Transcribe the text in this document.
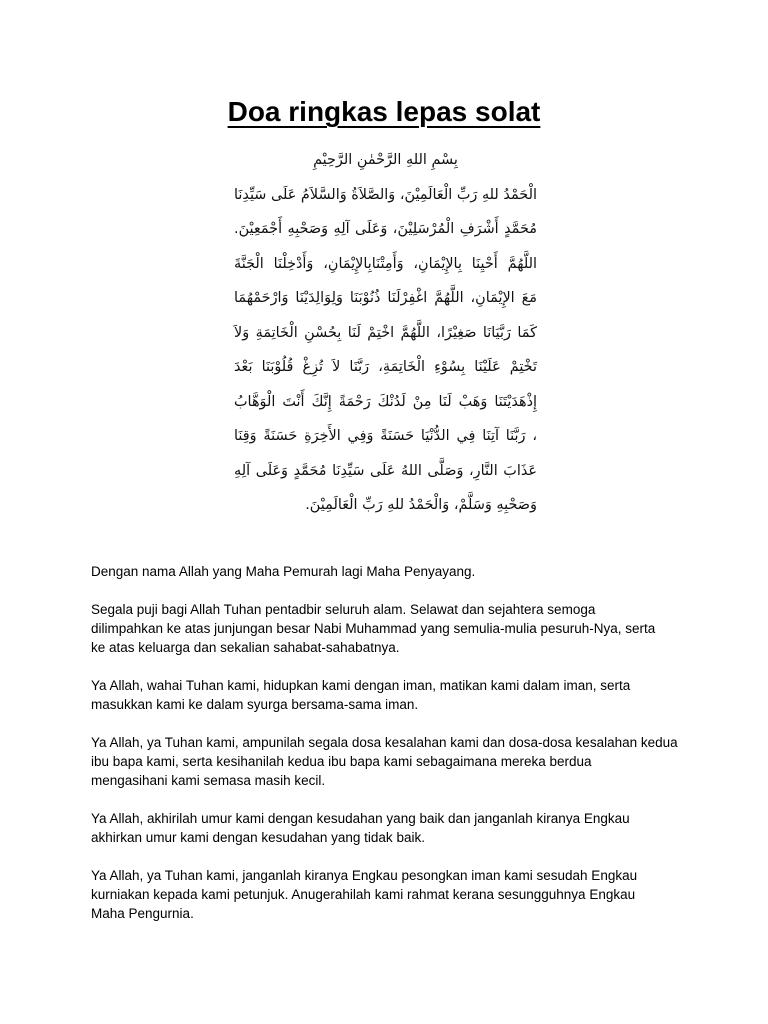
Doa ringkas lepas solat
بِسْمِ اللهِ الرَّحْمٰنِ الرَّحِيْمِ
الْحَمْدُ للهِ رَبِّ الْعَالَمِيْنَ، وَالصَّلاَةُ وَالسَّلاَمُ عَلَى سَيِّدِنَا
مُحَمَّدٍ أَشْرَفِ الْمُرْسَلِيْنَ، وَعَلَى آلِهِ وَصَحْبِهِ أَجْمَعِيْنَ.
اللَّهُمَّ أَحْيِنَا بِالإِيْمَانِ، وَأَمِتْنَابِالإِيْمَانِ، وَأَدْخِلْنَا الْجَنَّةَ
مَعَ الإِيْمَانِ، اللَّهُمَّ اغْفِرْلَنَا ذُنُوْبَنَا وَلِوَالِدَيْنَا وَارْحَمْهُمَا
كَمَا رَبَّيَانَا صَغِيْرًا، اللَّهُمَّ اخْتِمْ لَنَا بِحُسْنِ الْخَاتِمَةِ وَلاَ
تَخْتِمْ عَلَيْنَا بِسُوْءِ الْخَاتِمَةِ، رَبَّنَا لاَ تُزِغْ قُلُوْبَنَا بَعْدَ
إِذْهَدَيْتَنَا وَهَبْ لَنَا مِنْ لَدُنْكَ رَحْمَةً إِنَّكَ أَنْتَ الْوَهَّابُ
، رَبَّنَا آتِنَا فِي الدُّنْيَا حَسَنَةً وَفِي الأَخِرَةِ حَسَنَةً وَقِنَا
عَذَابَ النَّارِ، وَصَلَّى اللهُ عَلَى سَيِّدِنَا مُحَمَّدٍ وَعَلَى آلِهِ
وَصَحْبِهِ وَسَلَّمْ، وَالْحَمْدُ للهِ رَبِّ الْعَالَمِيْنَ.
Dengan nama Allah yang Maha Pemurah lagi Maha Penyayang.
Segala puji bagi Allah Tuhan pentadbir seluruh alam. Selawat dan sejahtera semoga
dilimpahkan ke atas junjungan besar Nabi Muhammad yang semulia-mulia pesuruh-Nya, serta
ke atas keluarga dan sekalian sahabat-sahabatnya.
Ya Allah, wahai Tuhan kami, hidupkan kami dengan iman, matikan kami dalam iman, serta
masukkan kami ke dalam syurga bersama-sama iman.
Ya Allah, ya Tuhan kami, ampunilah segala dosa kesalahan kami dan dosa-dosa kesalahan kedua
ibu bapa kami, serta kesihanilah kedua ibu bapa kami sebagaimana mereka berdua
mengasihani kami semasa masih kecil.
Ya Allah, akhirilah umur kami dengan kesudahan yang baik dan janganlah kiranya Engkau
akhirkan umur kami dengan kesudahan yang tidak baik.
Ya Allah, ya Tuhan kami, janganlah kiranya Engkau pesongkan iman kami sesudah Engkau
kurniakan kepada kami petunjuk. Anugerahilah kami rahmat kerana sesungguhnya Engkau
Maha Pengurnia.
